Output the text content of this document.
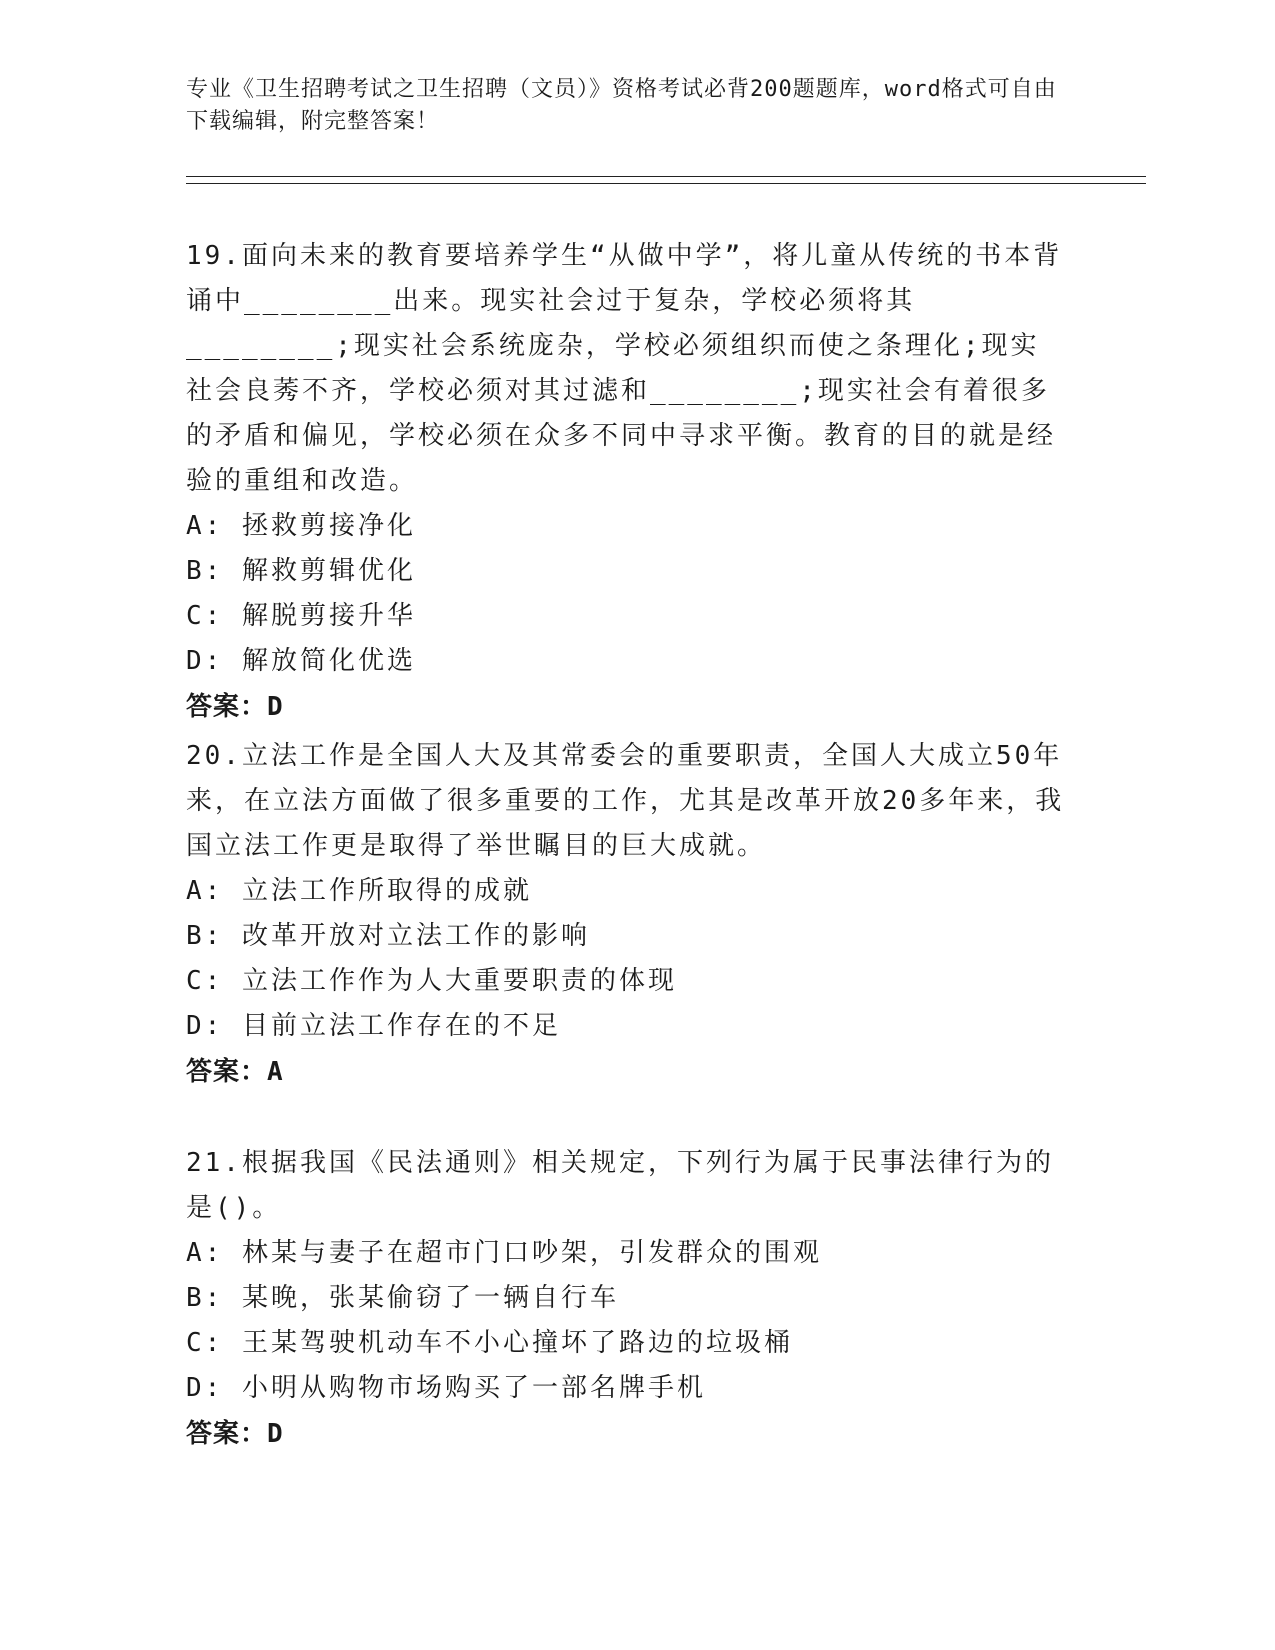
专业《卫生招聘考试之卫生招聘（文员）》资格考试必背200题题库，word格式可自由下载编辑，附完整答案！
19.面向未来的教育要培养学生“从做中学”，将儿童从传统的书本背诵中________出来。现实社会过于复杂，学校必须将其________;现实社会系统庞杂，学校必须组织而使之条理化;现实社会良莠不齐，学校必须对其过滤和________;现实社会有着很多的矛盾和偏见，学校必须在众多不同中寻求平衡。教育的目的就是经验的重组和改造。
A: 拯救剪接净化
B: 解救剪辑优化
C: 解脱剪接升华
D: 解放简化优选
答案：D
20.立法工作是全国人大及其常委会的重要职责，全国人大成立50年来，在立法方面做了很多重要的工作，尤其是改革开放20多年来，我国立法工作更是取得了举世瞩目的巨大成就。
A: 立法工作所取得的成就
B: 改革开放对立法工作的影响
C: 立法工作作为人大重要职责的体现
D: 目前立法工作存在的不足
答案：A
21.根据我国《民法通则》相关规定，下列行为属于民事法律行为的是()。
A: 林某与妻子在超市门口吵架，引发群众的围观
B: 某晚，张某偷窃了一辆自行车
C: 王某驾驶机动车不小心撞坏了路边的垃圾桶
D: 小明从购物市场购买了一部名牌手机
答案：D
